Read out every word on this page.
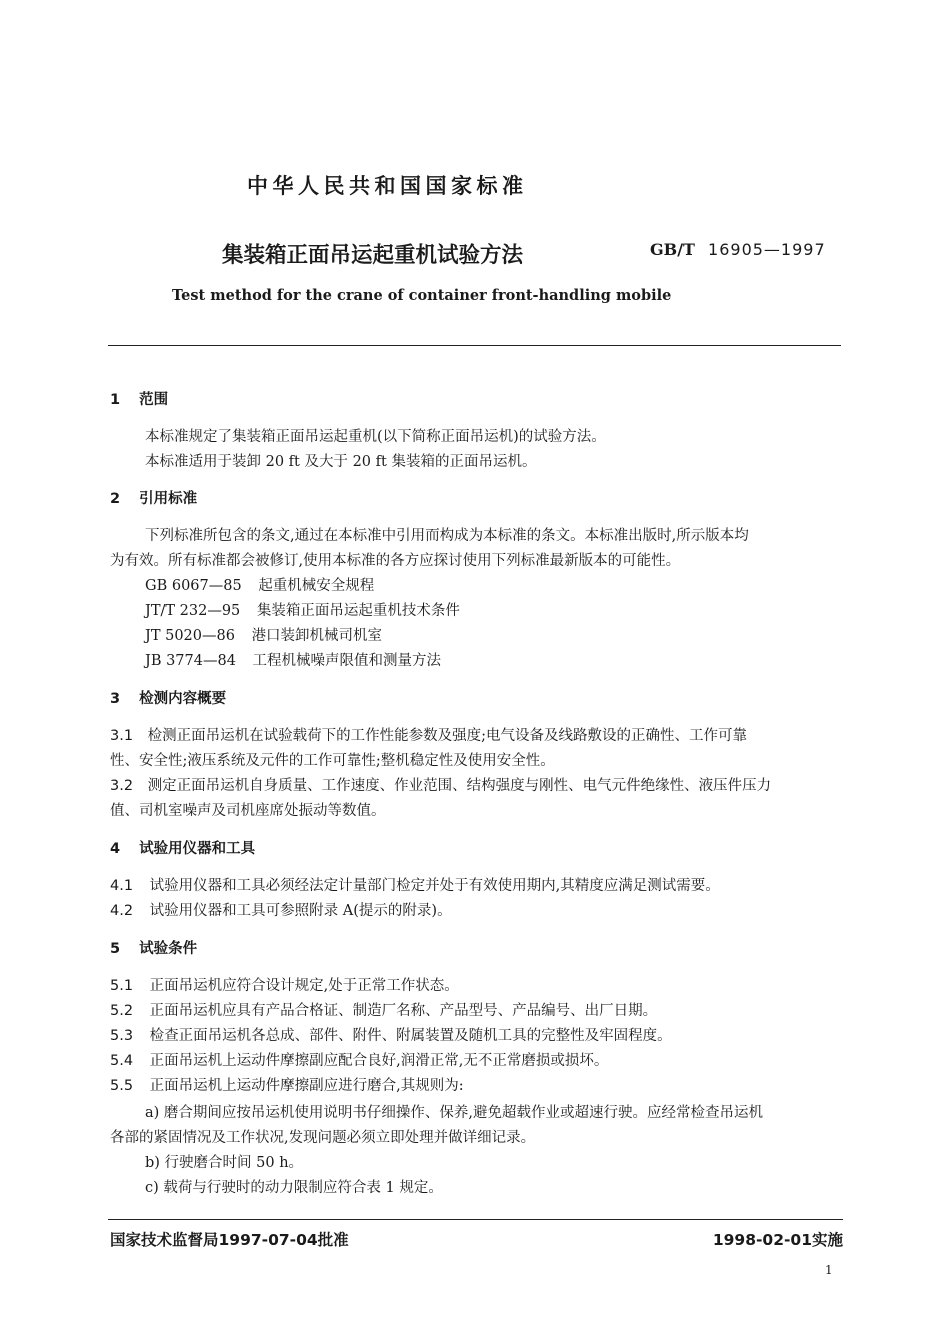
中华人民共和国国家标准
集装箱正面吊运起重机试验方法	GB/T 16905—1997
Test method for the crane of container front-handling mobile
1 范围
本标准规定了集装箱正面吊运起重机(以下简称正面吊运机)的试验方法。
本标准适用于装卸 20 ft 及大于 20 ft 集装箱的正面吊运机。
2 引用标准
下列标准所包含的条文,通过在本标准中引用而构成为本标准的条文。本标准出版时,所示版本均
为有效。所有标准都会被修订,使用本标准的各方应探讨使用下列标准最新版本的可能性。
GB 6067—85 起重机械安全规程
JT/T 232—95 集装箱正面吊运起重机技术条件
JT 5020—86 港口装卸机械司机室
JB 3774—84 工程机械噪声限值和测量方法
3 检测内容概要
3.1 检测正面吊运机在试验载荷下的工作性能参数及强度;电气设备及线路敷设的正确性、工作可靠
性、安全性;液压系统及元件的工作可靠性;整机稳定性及使用安全性。
3.2 测定正面吊运机自身质量、工作速度、作业范围、结构强度与刚性、电气元件绝缘性、液压件压力
值、司机室噪声及司机座席处振动等数值。
4 试验用仪器和工具
4.1 试验用仪器和工具必须经法定计量部门检定并处于有效使用期内,其精度应满足测试需要。
4.2 试验用仪器和工具可参照附录 A(提示的附录)。
5 试验条件
5.1 正面吊运机应符合设计规定,处于正常工作状态。
5.2 正面吊运机应具有产品合格证、制造厂名称、产品型号、产品编号、出厂日期。
5.3 检查正面吊运机各总成、部件、附件、附属装置及随机工具的完整性及牢固程度。
5.4 正面吊运机上运动件摩擦副应配合良好,润滑正常,无不正常磨损或损坏。
5.5 正面吊运机上运动件摩擦副应进行磨合,其规则为:
a) 磨合期间应按吊运机使用说明书仔细操作、保养,避免超载作业或超速行驶。应经常检查吊运机
各部的紧固情况及工作状况,发现问题必须立即处理并做详细记录。
b) 行驶磨合时间 50 h。
c) 载荷与行驶时的动力限制应符合表 1 规定。
国家技术监督局1997-07-04批准	1998-02-01实施
1
